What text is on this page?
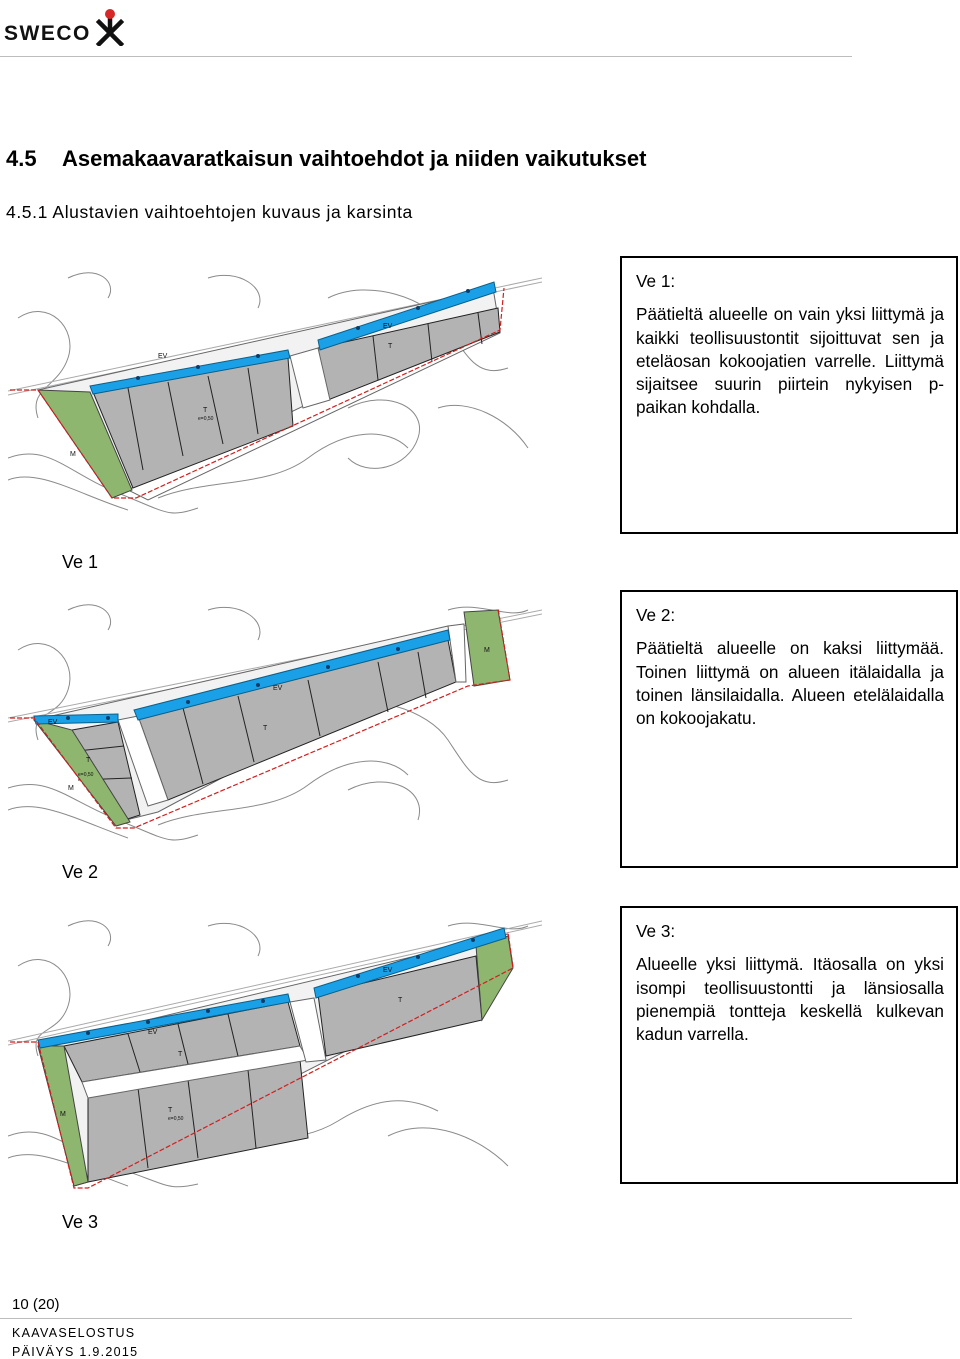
SWECO
4.5 Asemakaavaratkaisun vaihtoehdot ja niiden vaikutukset
4.5.1 Alustavien vaihtoehtojen kuvaus ja karsinta
EV
EV
T
T
M
e=0,50
Ve 1:
Päätieltä alueelle on vain yksi liittymä ja kaikki teollisuustontit sijoittuvat sen ja eteläosan kokoojatien varrelle. Liittymä sijaitsee suurin piirtein nykyisen p-paikan kohdalla.
Ve 1
EV
EV
T
T
M
M
e=0,50
Ve 2:
Päätieltä alueelle on kaksi liittymää. Toinen liittymä on alueen itälaidalla ja toinen länsilaidalla. Alueen etelälaidalla on kokoojakatu.
Ve 2
EV
EV
T
T
T
M
e=0,50
Ve 3:
Alueelle yksi liittymä. Itäosalla on yksi isompi teollisuustontti ja länsiosalla pienempiä tontteja keskellä kulkevan kadun varrella.
Ve 3
10 (20)
KAAVASELOSTUS
PÄIVÄYS 1.9.2015
